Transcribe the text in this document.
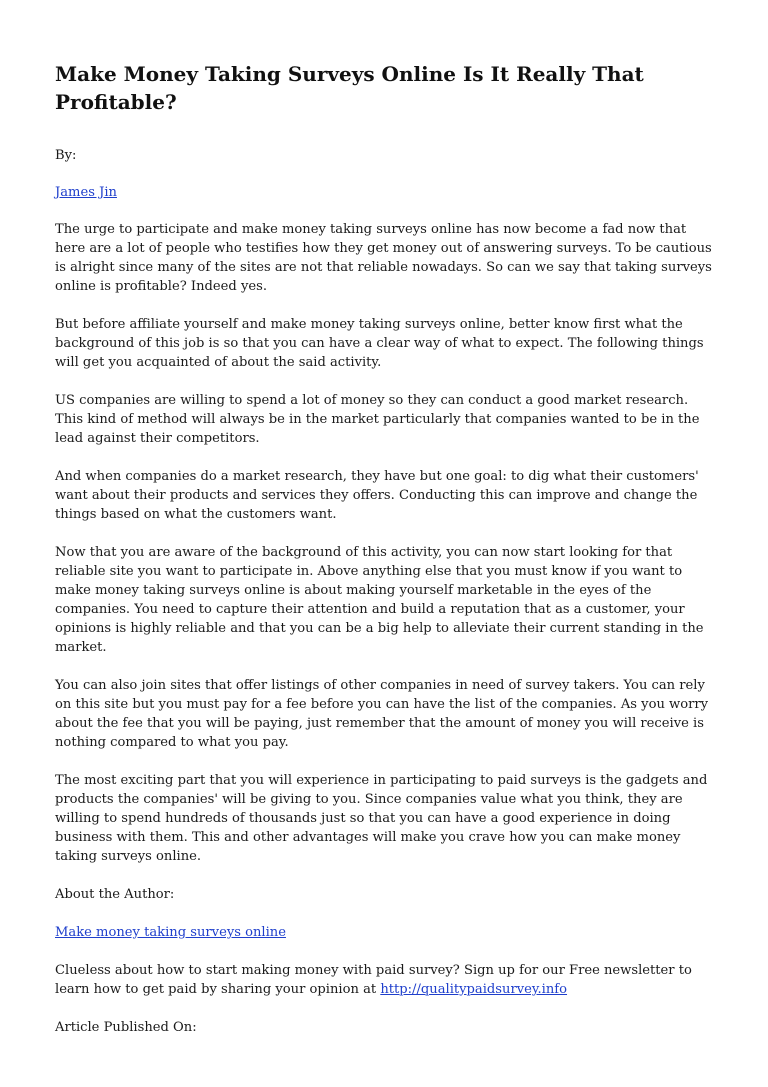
Make Money Taking Surveys Online Is It Really That Profitable?

By:

James Jin

The urge to participate and make money taking surveys online has now become a fad now that here are a lot of people who testifies how they get money out of answering surveys. To be cautious is alright since many of the sites are not that reliable nowadays. So can we say that taking surveys online is profitable? Indeed yes.

But before affiliate yourself and make money taking surveys online, better know first what the background of this job is so that you can have a clear way of what to expect. The following things will get you acquainted of about the said activity.

US companies are willing to spend a lot of money so they can conduct a good market research. This kind of method will always be in the market particularly that companies wanted to be in the lead against their competitors.

And when companies do a market research, they have but one goal: to dig what their customers' want about their products and services they offers. Conducting this can improve and change the things based on what the customers want.

Now that you are aware of the background of this activity, you can now start looking for that reliable site you want to participate in. Above anything else that you must know if you want to make money taking surveys online is about making yourself marketable in the eyes of the companies. You need to capture their attention and build a reputation that as a customer, your opinions is highly reliable and that you can be a big help to alleviate their current standing in the market.

You can also join sites that offer listings of other companies in need of survey takers. You can rely on this site but you must pay for a fee before you can have the list of the companies. As you worry about the fee that you will be paying, just remember that the amount of money you will receive is nothing compared to what you pay.

The most exciting part that you will experience in participating to paid surveys is the gadgets and products the companies' will be giving to you. Since companies value what you think, they are willing to spend hundreds of thousands just so that you can have a good experience in doing business with them. This and other advantages will make you crave how you can make money taking surveys online.

About the Author:

Make money taking surveys online

Clueless about how to start making money with paid survey? Sign up for our Free newsletter to learn how to get paid by sharing your opinion at http://qualitypaidsurvey.info

Article Published On:
